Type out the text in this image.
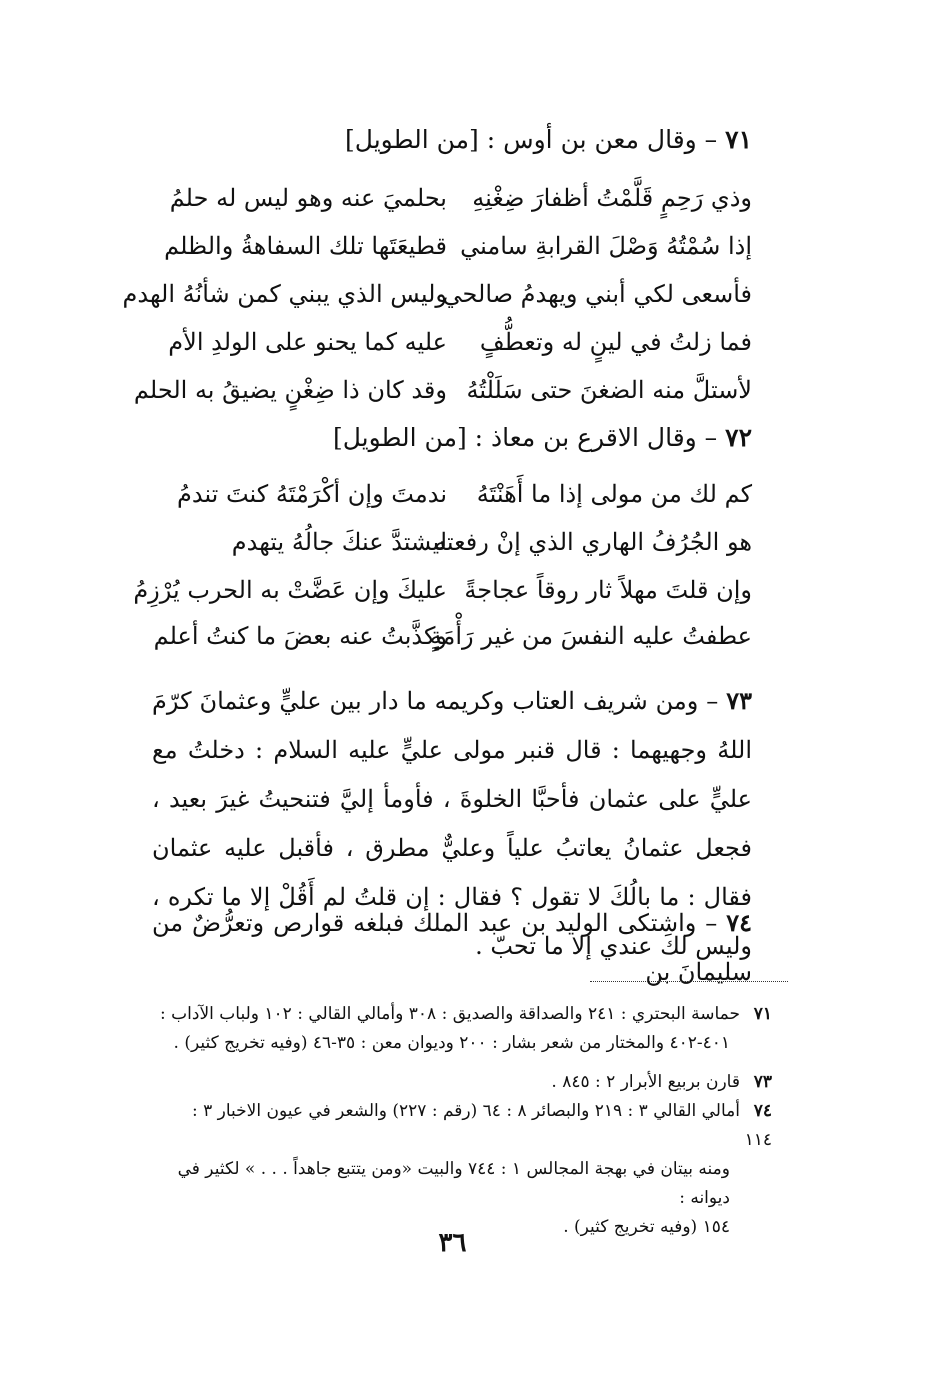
٧١ – وقال معن بن أوس : [من الطويل]
وذي رَحِمٍ قَلَّمْتُ أظفارَ ضِغْنِهِ
بحلميَ عنه وهو ليس له حلمُ
إذا سُمْتُهُ وَصْلَ القرابةِ سامني
قطيعَتَها تلك السفاهةُ والظلم
فأسعى لكي أبني ويهدمُ صالحي
وليس الذي يبني كمن شأنُهُ الهدم
فما زلتُ في لينٍ له وتعطُّفٍ
عليه كما يحنو على الولدِ الأم
لأستلَّ منه الضغنَ حتى سَلَلْتُهُ
وقد كان ذا ضِغْنٍ يضيقُ به الحلم
٧٢ – وقال الاقرع بن معاذ : [من الطويل]
كم لك من مولى إذا ما أَهَنْتَهُ
ندمتَ وإن أكْرَمْتَهُ كنتَ تندمُ
هو الجُرُفُ الهاري الذي إنْ رفعته
ليشتدَّ عنكَ جالُهُ يتهدم
وإن قلتَ مهلاً ثار روقاً عجاجةً
عليكَ وإن عَضَّتْ به الحرب يُرْزِمُ
عطفتُ عليه النفسَ من غير رَأْمَةٍ
وكذَّبتُ عنه بعضَ ما كنتُ أعلم
٧٣ – ومن شريف العتاب وكريمه ما دار بين عليٍّ وعثمانَ كرّمَ اللهُ وجهيهما : قال قنبر مولى عليٍّ عليه السلام : دخلتُ مع عليٍّ على عثمان فأحبَّا الخلوةَ ، فأومأ إليَّ فتنحيتُ غيرَ بعيد ، فجعل عثمانُ يعاتبُ علياً وعليٌّ مطرق ، فأقبل عليه عثمان فقال : ما بالُكَ لا تقول ؟ فقال : إن قلتُ لم أَقُلْ إلا ما تكره ، وليس لكَ عندي إلا ما تحبّ .
٧٤ – واشتكى الوليد بن عبد الملك فبلغه قوارص وتعرُّضٌ من سليمانَ بن
٧١حماسة البحتري : ٢٤١ والصداقة والصديق : ٣٠٨ وأمالي القالي : ١٠٢ ولباب الآداب :
٤٠١-٤٠٢ والمختار من شعر بشار : ٢٠٠ وديوان معن : ٣٥-٤٦ (وفيه تخريج كثير) .
٧٣قارن بربيع الأبرار ٢ : ٨٤٥ .
٧٤أمالي القالي ٣ : ٢١٩ والبصائر ٨ : ٦٤ (رقم : ٢٢٧) والشعر في عيون الاخبار ٣ : ١١٤
ومنه بيتان في بهجة المجالس ١ : ٧٤٤ والبيت «ومن يتتبع جاهداً . . . » لكثير في ديوانه :
١٥٤ (وفيه تخريج كثير) .
٣٦
